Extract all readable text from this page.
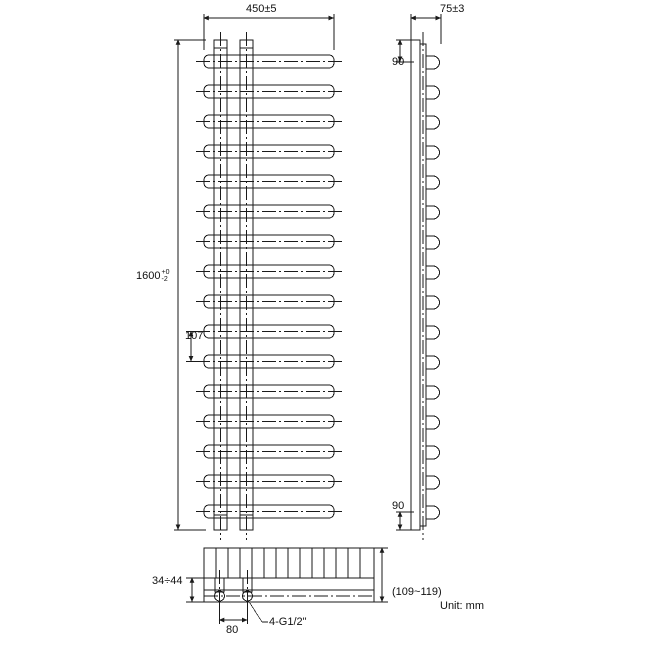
450±5	75±3
1600 +0
-2
107
90
90
34÷44
80
4-G1/2"
(109~119)
Unit: mm
